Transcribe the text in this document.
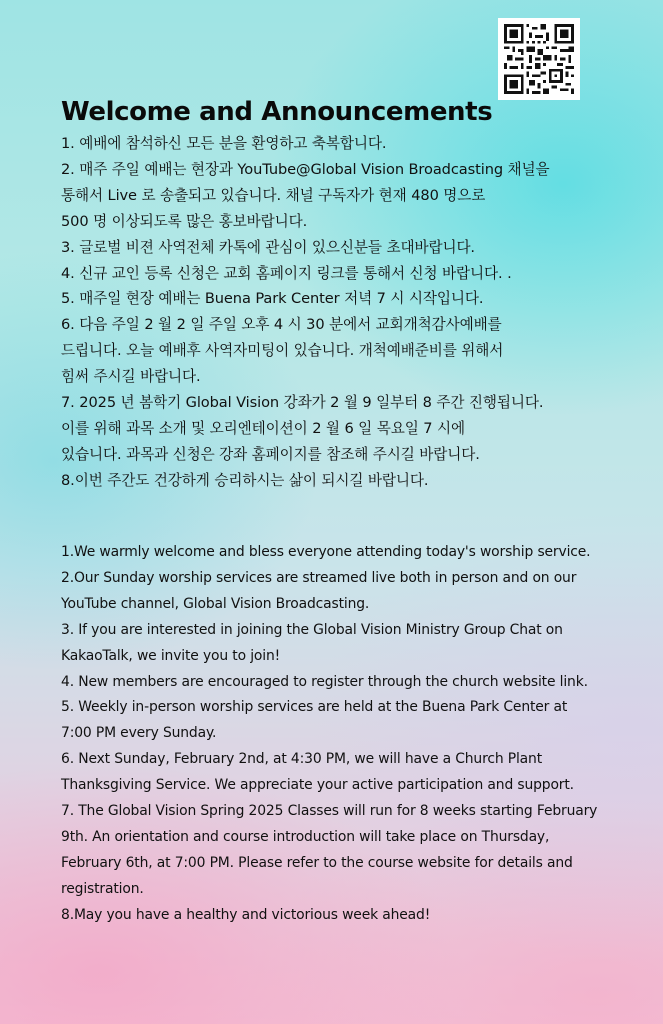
Welcome and Announcements

1. 예배에 참석하신 모든 분을 환영하고 축복합니다.

2. 매주 주일 예배는 현장과 YouTube@Global Vision Broadcasting 채널을

통해서 Live 로 송출되고 있습니다. 채널 구독자가 현재 480 명으로

500 명 이상되도록 많은 홍보바랍니다.

3. 글로벌 비젼 사역전체 카톡에 관심이 있으신분들 초대바랍니다.

4. 신규 교인 등록 신청은 교회 홈페이지 링크를 통해서 신청 바랍니다. .

5. 매주일 현장 예배는 Buena Park Center 저녁 7 시 시작입니다.

6. 다음 주일 2 월 2 일 주일 오후 4 시 30 분에서 교회개척감사예배를

드립니다. 오늘 예배후 사역자미팅이 있습니다. 개척예배준비를 위해서

힘써 주시길 바랍니다.

7. 2025 년 봄학기 Global Vision 강좌가 2 월 9 일부터 8 주간 진행됩니다.

이를 위해 과목 소개 및 오리엔테이션이 2 월 6 일 목요일 7 시에

있습니다. 과목과 신청은 강좌 홈페이지를 참조해 주시길 바랍니다.

8.이번 주간도 건강하게 승리하시는 삶이 되시길 바랍니다.

1.We warmly welcome and bless everyone attending today's worship service.

2.Our Sunday worship services are streamed live both in person and on our

YouTube channel, Global Vision Broadcasting.

3. If you are interested in joining the Global Vision Ministry Group Chat on

KakaoTalk, we invite you to join!

4. New members are encouraged to register through the church website link.

5. Weekly in-person worship services are held at the Buena Park Center at

7:00 PM every Sunday.

6. Next Sunday, February 2nd, at 4:30 PM, we will have a Church Plant

Thanksgiving Service. We appreciate your active participation and support.

7. The Global Vision Spring 2025 Classes will run for 8 weeks starting February

9th. An orientation and course introduction will take place on Thursday,

February 6th, at 7:00 PM. Please refer to the course website for details and

registration.

8.May you have a healthy and victorious week ahead!
